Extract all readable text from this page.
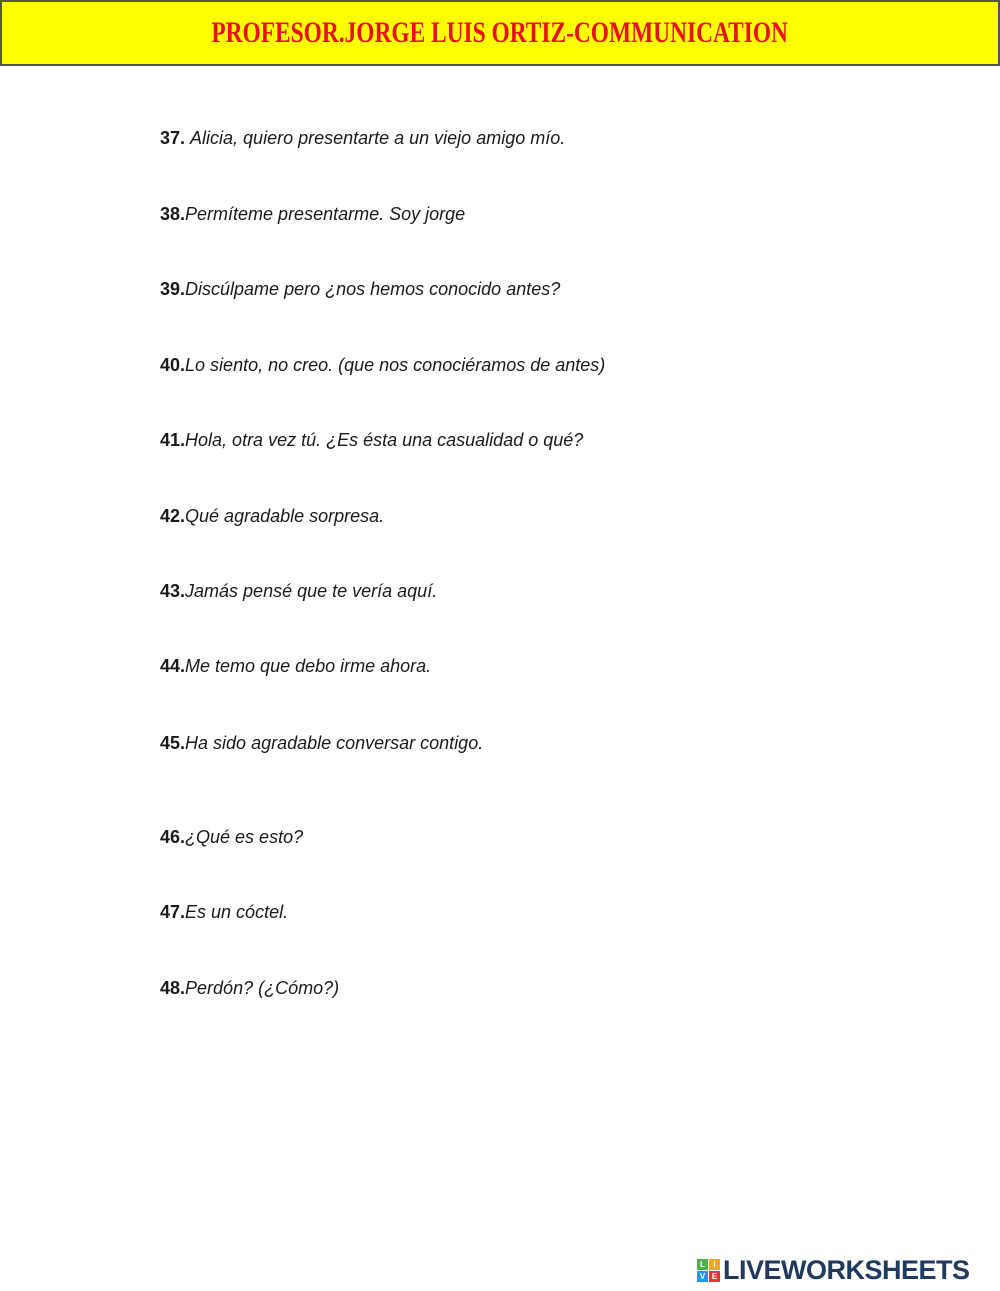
PROFESOR.JORGE LUIS ORTIZ-COMMUNICATION
37. Alicia, quiero presentarte a un viejo amigo mío.
38.Permíteme presentarme. Soy jorge
39.Discúlpame pero ¿nos hemos conocido antes?
40.Lo siento, no creo. (que nos conociéramos de antes)
41.Hola, otra vez tú. ¿Es ésta una casualidad o qué?
42.Qué agradable sorpresa.
43.Jamás pensé que te vería aquí.
44.Me temo que debo irme ahora.
45.Ha sido agradable conversar contigo.
46.¿Qué es esto?
47.Es un cóctel.
48.Perdón? (¿Cómo?)
L	I
V E LIVEWORKSHEETS
